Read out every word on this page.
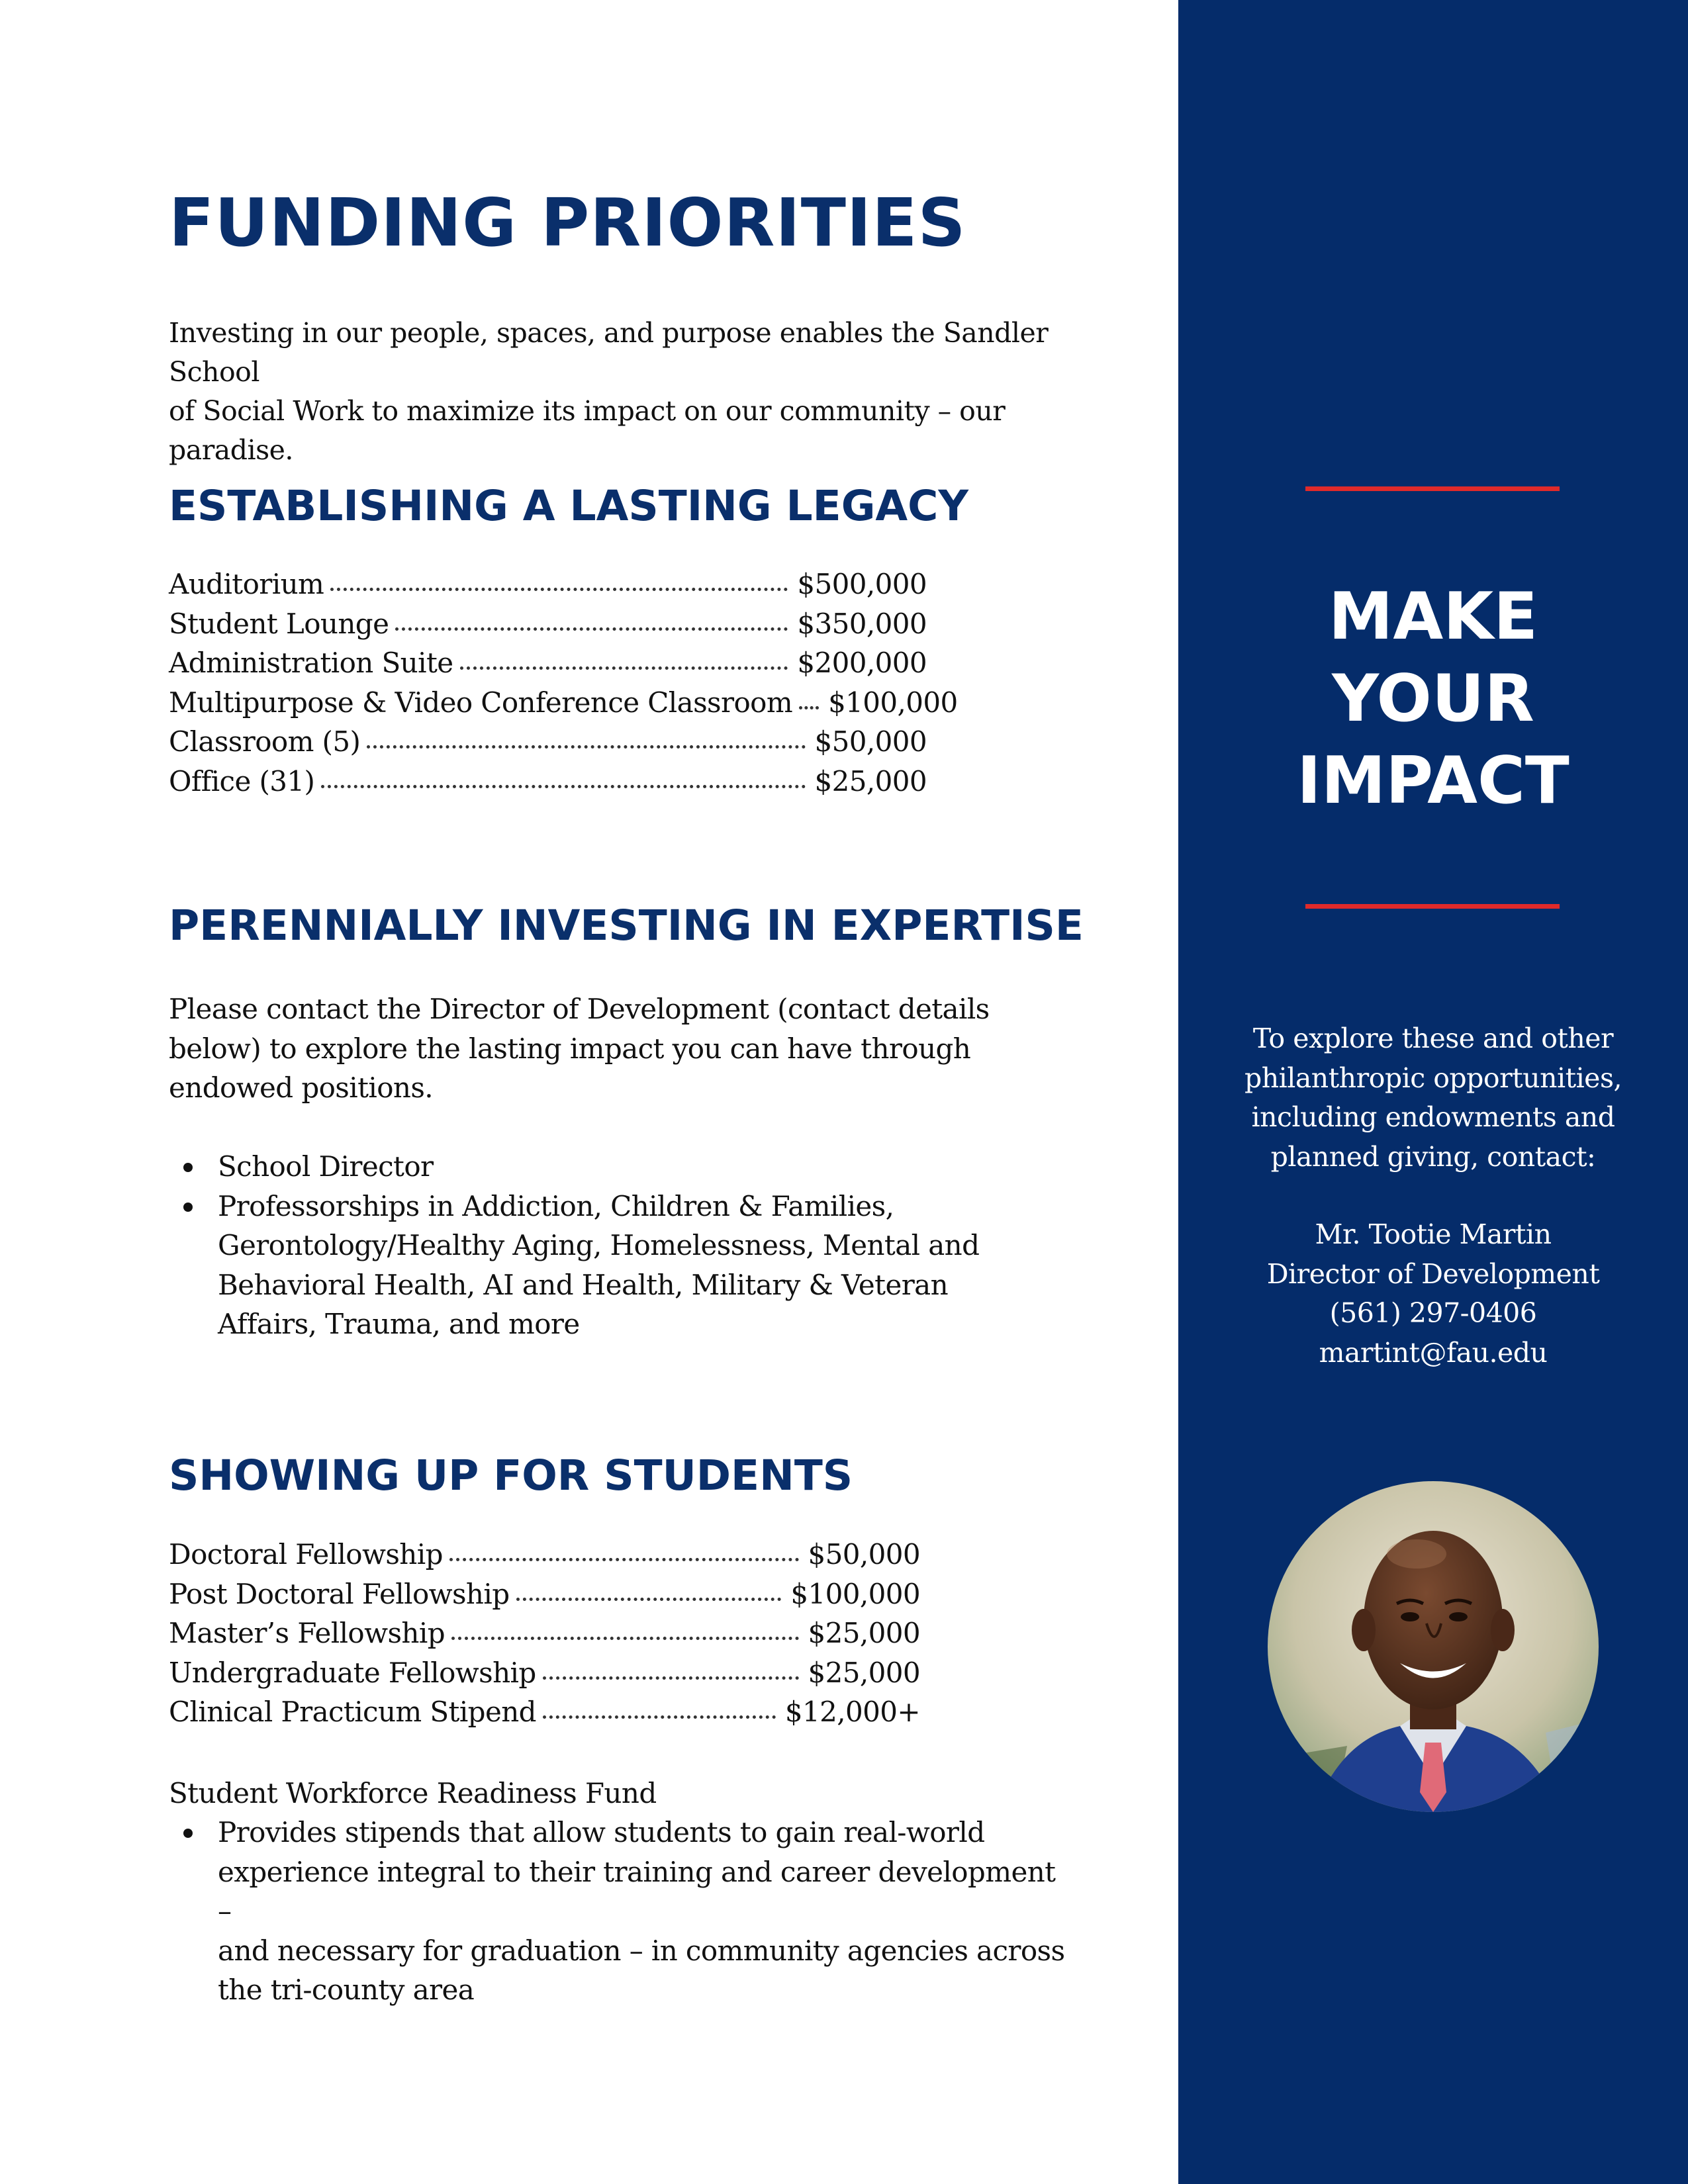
FUNDING PRIORITIES

Investing in our people, spaces, and purpose enables the Sandler School
of Social Work to maximize its impact on our community – our paradise.

ESTABLISHING A LASTING LEGACY
Auditorium	$500,000
Student Lounge	$350,000
Administration Suite	$200,000
Multipurpose & Video Conference Classroom $100,000
Classroom (5)	$50,000
Office (31)	$25,000
PERENNIALLY INVESTING IN EXPERTISE

Please contact the Director of Development (contact details
below) to explore the lasting impact you can have through
endowed positions.

School Director
Professorships in Addiction, Children & Families,
Gerontology/Healthy Aging, Homelessness, Mental and
Behavioral Health, AI and Health, Military & Veteran
Affairs, Trauma, and more
SHOWING UP FOR STUDENTS
Doctoral Fellowship	$50,000
Post Doctoral Fellowship	$100,000
Master’s Fellowship	$25,000
Undergraduate Fellowship	$25,000
Clinical Practicum Stipend	$12,000+

Student Workforce Readiness Fund

Provides stipends that allow students to gain real-world
experience integral to their training and career development –
and necessary for graduation – in community agencies across
the tri-county area
MAKE
YOUR
IMPACT

To explore these and other
philanthropic opportunities,
including endowments and
planned giving, contact:

Mr. Tootie Martin
Director of Development
(561) 297-0406
martint@fau.edu
